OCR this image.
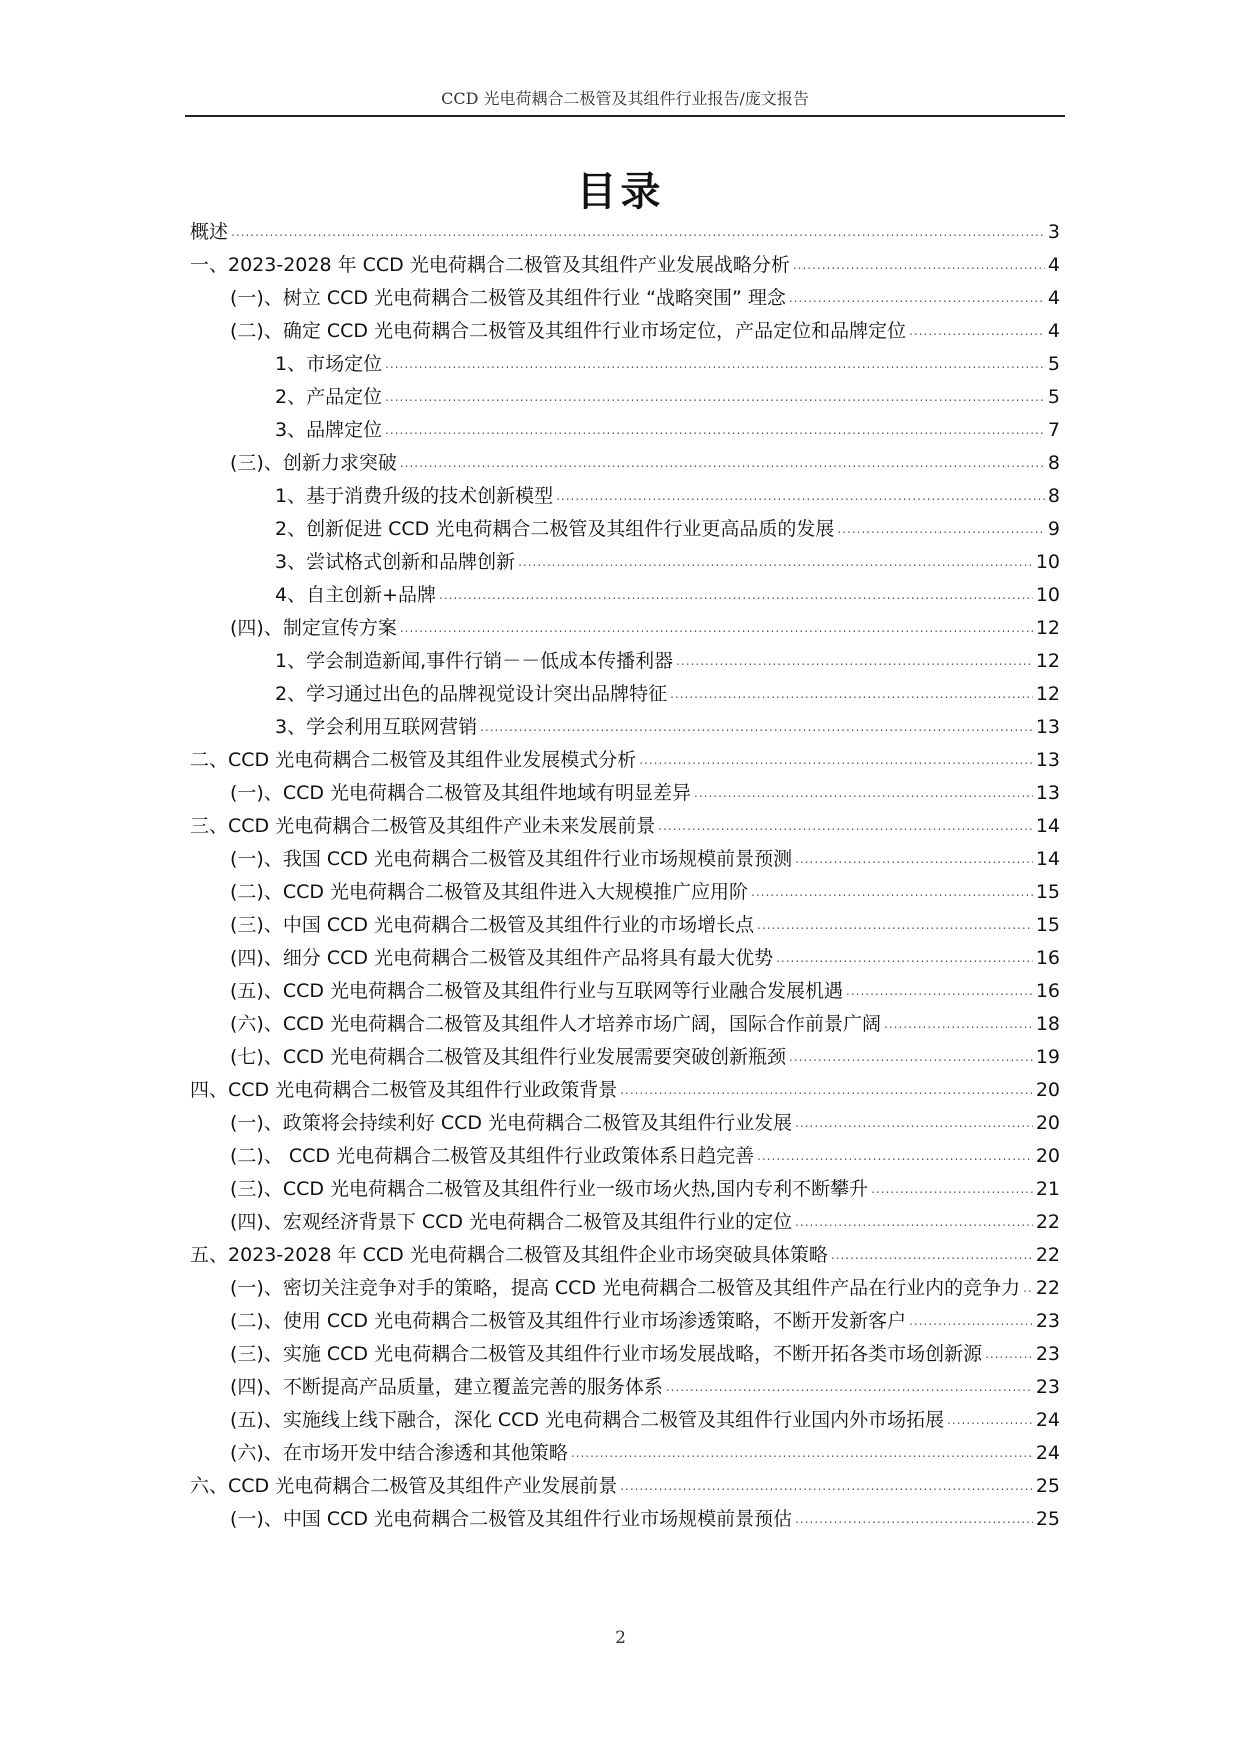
CCD 光电荷耦合二极管及其组件行业报告/庞文报告
目录
概述 .....	3
一、2023-2028 年 CCD 光电荷耦合二极管及其组件产业发展战略分析 .....	4
(一)、树立 CCD 光电荷耦合二极管及其组件行业 “战略突围” 理念 .....	4
(二)、确定 CCD 光电荷耦合二极管及其组件行业市场定位，产品定位和品牌定位 .....	4
1、市场定位 .....	5
2、产品定位 .....	5
3、品牌定位 .....	7
(三)、创新力求突破 .....	8
1、基于消费升级的技术创新模型 .....	8
2、创新促进 CCD 光电荷耦合二极管及其组件行业更高品质的发展 .....	9
3、尝试格式创新和品牌创新 .....	10
4、自主创新+品牌 .....	10
(四)、制定宣传方案 .....	12
1、学会制造新闻,事件行销－－低成本传播利器 .....	12
2、学习通过出色的品牌视觉设计突出品牌特征 .....	12
3、学会利用互联网营销 .....	13
二、CCD 光电荷耦合二极管及其组件业发展模式分析 .....	13
(一)、CCD 光电荷耦合二极管及其组件地域有明显差异 .....	13
三、CCD 光电荷耦合二极管及其组件产业未来发展前景 .....	14
(一)、我国 CCD 光电荷耦合二极管及其组件行业市场规模前景预测 .....	14
(二)、CCD 光电荷耦合二极管及其组件进入大规模推广应用阶 .....	15
(三)、中国 CCD 光电荷耦合二极管及其组件行业的市场增长点 .....	15
(四)、细分 CCD 光电荷耦合二极管及其组件产品将具有最大优势 .....	16
(五)、CCD 光电荷耦合二极管及其组件行业与互联网等行业融合发展机遇 .....	16
(六)、CCD 光电荷耦合二极管及其组件人才培养市场广阔，国际合作前景广阔 .....	18
(七)、CCD 光电荷耦合二极管及其组件行业发展需要突破创新瓶颈 .....	19
四、CCD 光电荷耦合二极管及其组件行业政策背景 .....	20
(一)、政策将会持续利好 CCD 光电荷耦合二极管及其组件行业发展 .....	20
(二)、 CCD 光电荷耦合二极管及其组件行业政策体系日趋完善 .....	20
(三)、CCD 光电荷耦合二极管及其组件行业一级市场火热,国内专利不断攀升 .....	21
(四)、宏观经济背景下 CCD 光电荷耦合二极管及其组件行业的定位 .....	22
五、2023-2028 年 CCD 光电荷耦合二极管及其组件企业市场突破具体策略 .....	22
(一)、密切关注竞争对手的策略，提高 CCD 光电荷耦合二极管及其组件产品在行业内的竞争力 ..... 22
(二)、使用 CCD 光电荷耦合二极管及其组件行业市场渗透策略，不断开发新客户 .....	23
(三)、实施 CCD 光电荷耦合二极管及其组件行业市场发展战略，不断开拓各类市场创新源 .....	23
(四)、不断提高产品质量，建立覆盖完善的服务体系 .....	23
(五)、实施线上线下融合，深化 CCD 光电荷耦合二极管及其组件行业国内外市场拓展 .....	24
(六)、在市场开发中结合渗透和其他策略 .....	24
六、CCD 光电荷耦合二极管及其组件产业发展前景 .....	25
(一)、中国 CCD 光电荷耦合二极管及其组件行业市场规模前景预估 .....	25
2
